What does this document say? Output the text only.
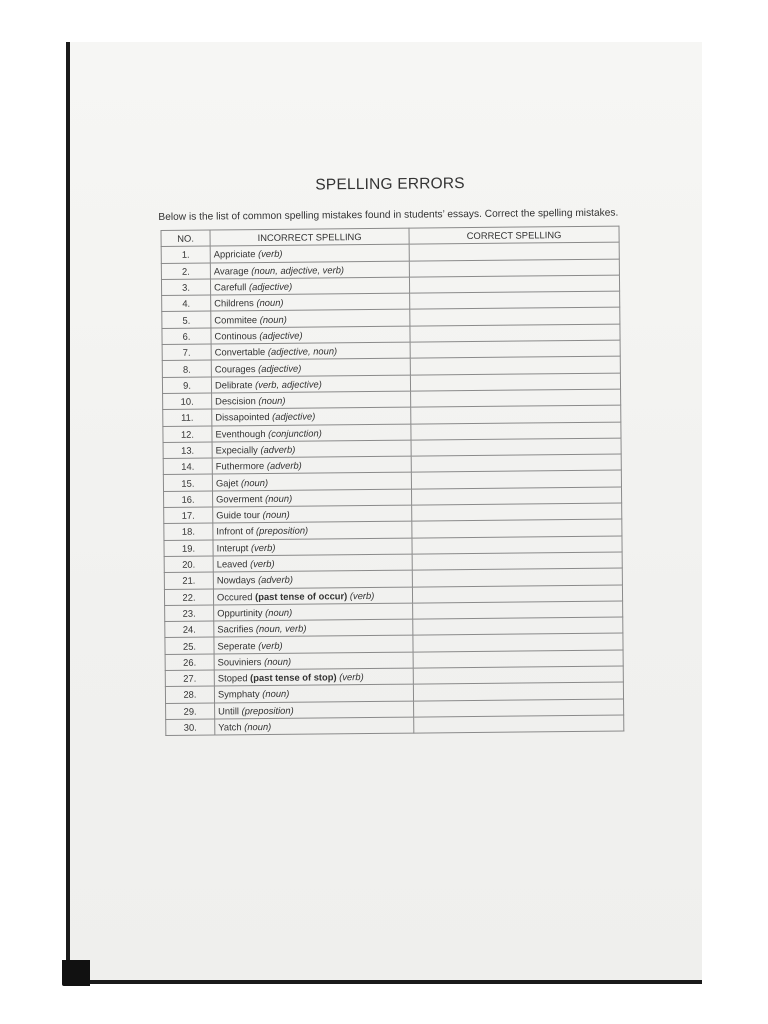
SPELLING ERRORS

Below is the list of common spelling mistakes found in students’ essays. Correct the spelling mistakes.

NO.	INCORRECT SPELLING	CORRECT SPELLING
1.	Appriciate (verb)	
2.	Avarage (noun, adjective, verb)	
3.	Carefull (adjective)	
4.	Childrens (noun)	
5.	Commitee (noun)	
6.	Continous (adjective)	
7.	Convertable (adjective, noun)	
8.	Courages (adjective)	
9.	Delibrate (verb, adjective)	
10.	Descision (noun)	
11.	Dissapointed (adjective)	
12.	Eventhough (conjunction)	
13.	Expecially (adverb)	
14.	Futhermore (adverb)	
15.	Gajet (noun)	
16.	Goverment (noun)	
17.	Guide tour (noun)	
18.	Infront of (preposition)	
19.	Interupt (verb)	
20.	Leaved (verb)	
21.	Nowdays (adverb)	
22.	Occured (past tense of occur) (verb)	
23.	Oppurtinity (noun)	
24.	Sacrifies (noun, verb)	
25.	Seperate (verb)	
26.	Souviniers (noun)	
27.	Stoped (past tense of stop) (verb)	
28.	Symphaty (noun)	
29.	Untill (preposition)	
30.	Yatch (noun)	
